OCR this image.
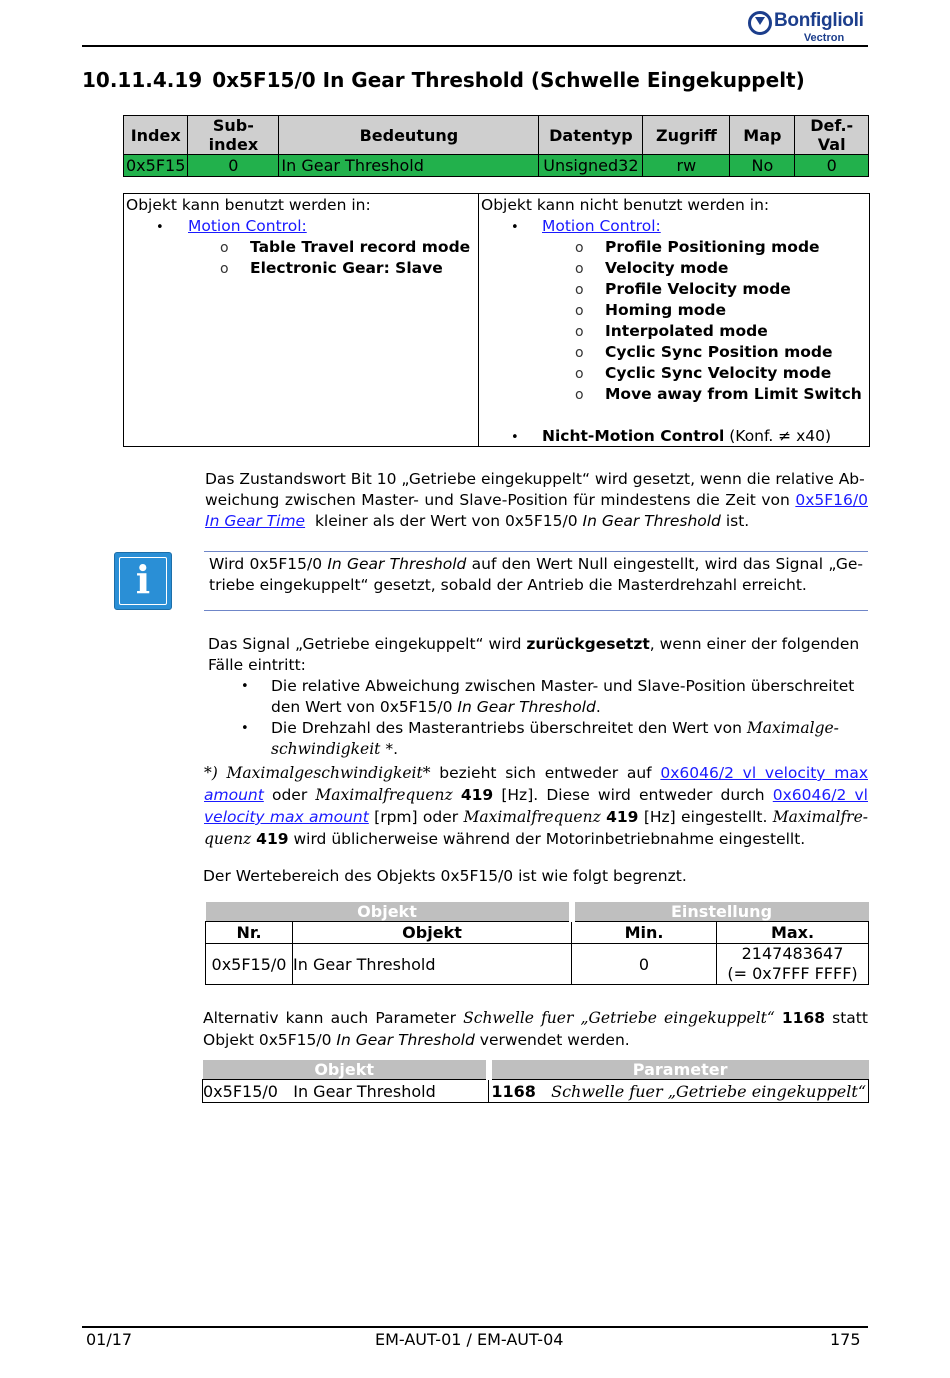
Bonfiglioli
Vectron
10.11.4.19 0x5F15/0 In Gear Threshold (Schwelle Eingekuppelt)
Index	Sub-index	Bedeutung	Datentyp	Zugriff	Map	Def.-Val
0x5F15	0	In Gear Threshold	Unsigned32	rw	No	0
Objekt kann benutzt werden in:
• Motion Control:
o Table Travel record mode
o Electronic Gear: Slave
Objekt kann nicht benutzt werden in:
• Motion Control:
o Profile Positioning mode
o Velocity mode
o Profile Velocity mode
o Homing mode
o Interpolated mode
o Cyclic Sync Position mode
o Cyclic Sync Velocity mode
o Move away from Limit Switch
• Nicht-Motion Control (Konf. ≠ x40)
Das Zustandswort Bit 10 „Getriebe eingekuppelt“ wird gesetzt, wenn die relative Ab-
weichung zwischen Master- und Slave-Position für mindestens die Zeit von 0x5F16/0
In Gear Time kleiner als der Wert von 0x5F15/0 In Gear Threshold ist.
i	Wird 0x5F15/0 In Gear Threshold auf den Wert Null eingestellt, wird das Signal „Ge-
triebe eingekuppelt“ gesetzt, sobald der Antrieb die Masterdrehzahl erreicht.
Das Signal „Getriebe eingekuppelt“ wird zurückgesetzt, wenn einer der folgenden
Fälle eintritt:
• Die relative Abweichung zwischen Master- und Slave-Position überschreitet
den Wert von 0x5F15/0 In Gear Threshold.
• Die Drehzahl des Masterantriebs überschreitet den Wert von Maximalge-
schwindigkeit *.
*) Maximalgeschwindigkeit* bezieht sich entweder auf 0x6046/2 vl velocity max
amount oder Maximalfrequenz 419 [Hz]. Diese wird entweder durch 0x6046/2 vl
velocity max amount [rpm] oder Maximalfrequenz 419 [Hz] eingestellt. Maximalfre-
quenz 419 wird üblicherweise während der Motorinbetriebnahme eingestellt.
Der Wertebereich des Objekts 0x5F15/0 ist wie folgt begrenzt.
Objekt		Einstellung	
Nr.	Objekt	Min.	Max.
0x5F15/0	In Gear Threshold	0	2147483647
(= 0x7FFF FFFF)
Alternativ kann auch Parameter Schwelle fuer „Getriebe eingekuppelt“ 1168 statt
Objekt 0x5F15/0 In Gear Threshold verwendet werden.
Objekt	Parameter
0x5F15/0   In Gear Threshold	1168 Schwelle fuer „Getriebe eingekuppelt“
01/17	EM-AUT-01 / EM-AUT-04	175
